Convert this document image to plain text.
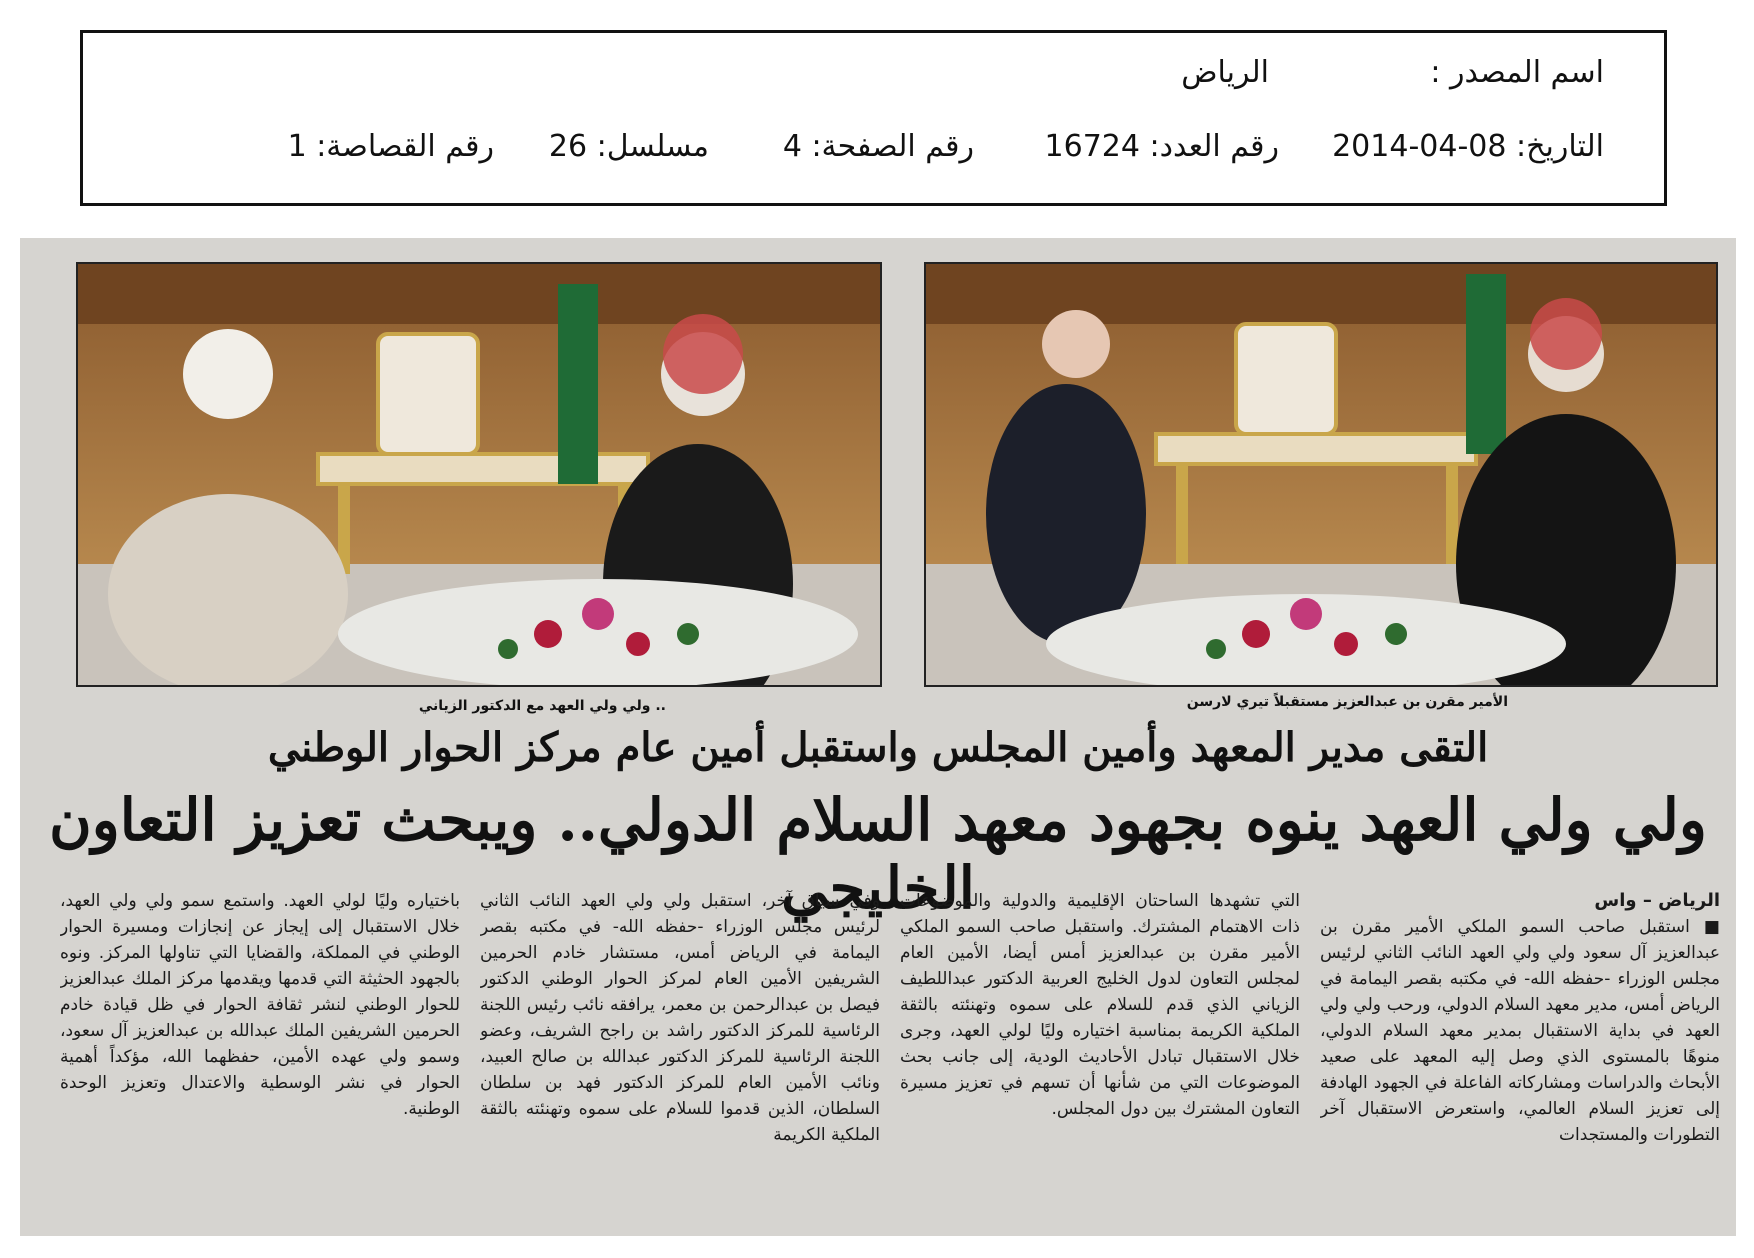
اسم المصدر :
الرياض
التاريخ: 08-04-2014
رقم العدد: 16724
رقم الصفحة: 4
مسلسل: 26
رقم القصاصة: 1
الأمير مقرن بن عبدالعزيز مستقبلاً تيري لارسن
.. ولي ولي العهد مع الدكتور الزياني
التقى مدير المعهد وأمين المجلس واستقبل أمين عام مركز الحوار الوطني
ولي ولي العهد ينوه بجهود معهد السلام الدولي.. ويبحث تعزيز التعاون الخليجي	الرياض – واس

■ استقبل صاحب السمو الملكي الأمير مقرن بن عبدالعزيز آل سعود ولي ولي العهد النائب الثاني لرئيس مجلس الوزراء -حفظه الله- في مكتبه بقصر اليمامة في الرياض أمس، مدير معهد السلام الدولي، ورحب ولي ولي العهد في بداية الاستقبال بمدير معهد السلام الدولي، منوهًا بالمستوى الذي وصل إليه المعهد على صعيد الأبحاث والدراسات ومشاركاته الفاعلة في الجهود الهادفة إلى تعزيز السلام العالمي، واستعرض الاستقبال آخر التطورات والمستجدات

التي تشهدها الساحتان الإقليمية والدولية والموضوعات ذات الاهتمام المشترك. واستقبل صاحب السمو الملكي الأمير مقرن بن عبدالعزيز أمس أيضا، الأمين العام لمجلس التعاون لدول الخليج العربية الدكتور عبداللطيف الزياني الذي قدم للسلام على سموه وتهنئته بالثقة الملكية الكريمة بمناسبة اختياره وليًا لولي العهد، وجرى خلال الاستقبال تبادل الأحاديث الودية، إلى جانب بحث الموضوعات التي من شأنها أن تسهم في تعزيز مسيرة التعاون المشترك بين دول المجلس.

وفي سياق آخر، استقبل ولي ولي العهد النائب الثاني لرئيس مجلس الوزراء -حفظه الله- في مكتبه بقصر اليمامة في الرياض أمس، مستشار خادم الحرمين الشريفين الأمين العام لمركز الحوار الوطني الدكتور فيصل بن عبدالرحمن بن معمر، يرافقه نائب رئيس اللجنة الرئاسية للمركز الدكتور راشد بن راجح الشريف، وعضو اللجنة الرئاسية للمركز الدكتور عبدالله بن صالح العبيد، ونائب الأمين العام للمركز الدكتور فهد بن سلطان السلطان، الذين قدموا للسلام على سموه وتهنئته بالثقة الملكية الكريمة

باختياره وليًا لولي العهد. واستمع سمو ولي ولي العهد، خلال الاستقبال إلى إيجاز عن إنجازات ومسيرة الحوار الوطني في المملكة، والقضايا التي تناولها المركز. ونوه بالجهود الحثيثة التي قدمها ويقدمها مركز الملك عبدالعزيز للحوار الوطني لنشر ثقافة الحوار في ظل قيادة خادم الحرمين الشريفين الملك عبدالله بن عبدالعزيز آل سعود، وسمو ولي عهده الأمين، حفظهما الله، مؤكداً أهمية الحوار في نشر الوسطية والاعتدال وتعزيز الوحدة الوطنية.
